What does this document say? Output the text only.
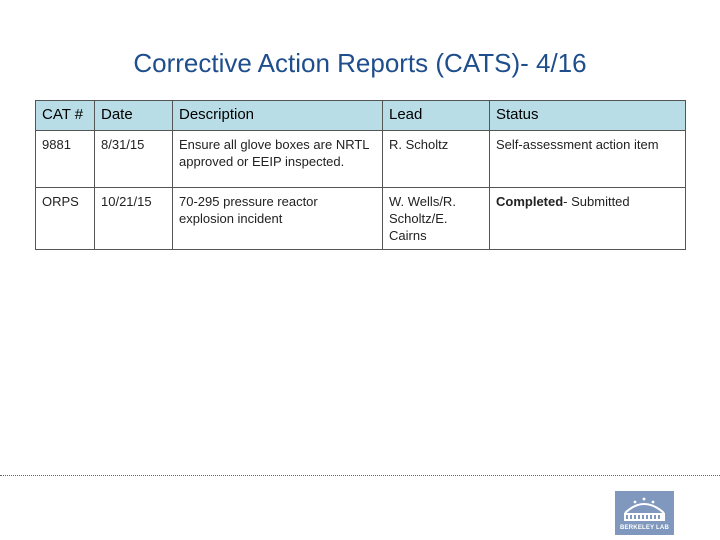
Corrective Action Reports (CATS)- 4/16
CAT #	Date	Description	Lead	Status
9881	8/31/15	Ensure all glove boxes are NRTL approved or EEIP inspected.	R. Scholtz	Self-assessment action item
ORPS	10/21/15	70-295 pressure reactor explosion incident	W. Wells/R. Scholtz/E. Cairns	Completed- Submitted
BERKELEY LAB
